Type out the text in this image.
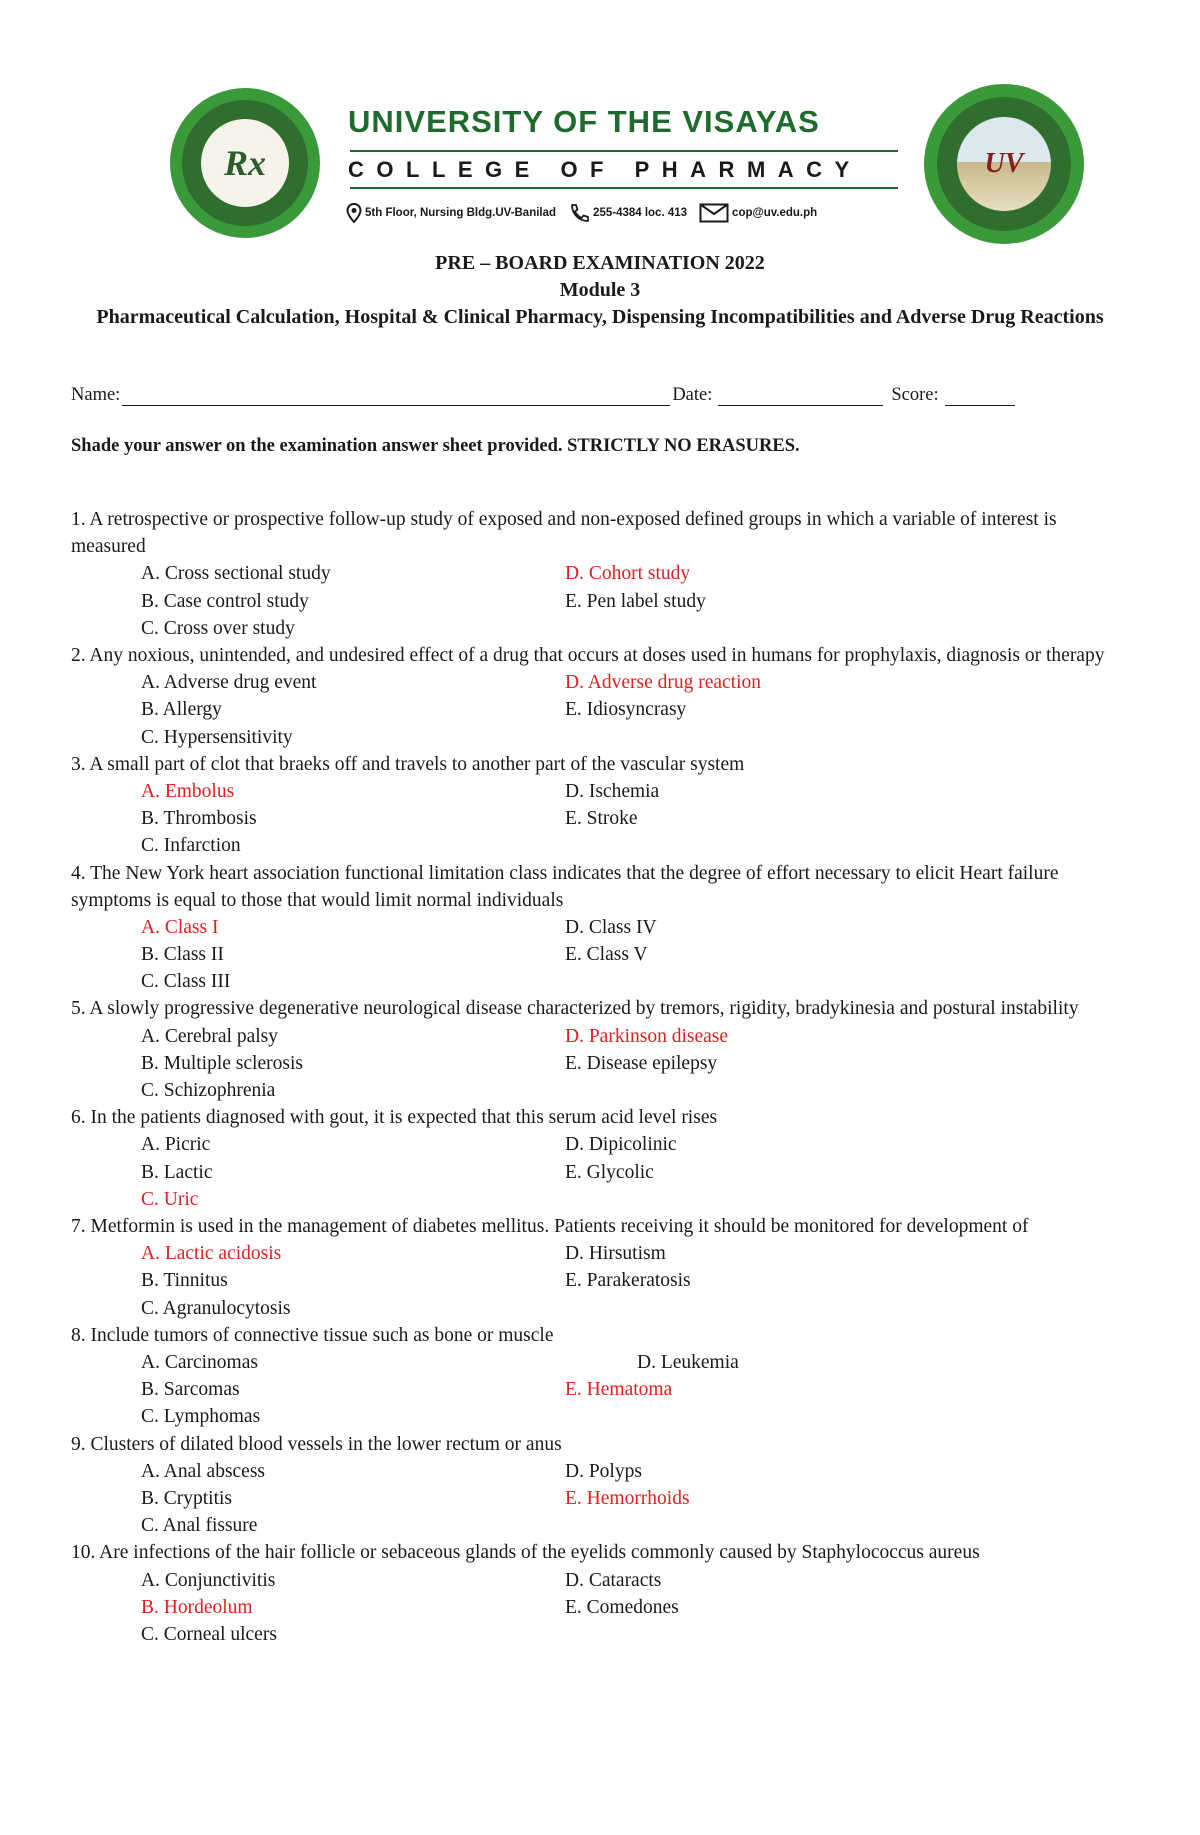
Rx
UNIVERSITY OF THE VISAYAS
COLLEGE OF PHARMACY
5th Floor, Nursing Bldg.UV-Banilad	255-4384 loc. 413	cop@uv.edu.ph
UV
PRE – BOARD EXAMINATION 2022
Module 3
Pharmaceutical Calculation, Hospital & Clinical Pharmacy, Dispensing Incompatibilities and Adverse Drug Reactions
Name:	Date:	Score:
Shade your answer on the examination answer sheet provided. STRICTLY NO ERASURES.
1. A retrospective or prospective follow-up study of exposed and non-exposed defined groups in which a variable of interest is measured
A. Cross sectional study	D. Cohort study
B. Case control study	E. Pen label study
C. Cross over study
2. Any noxious, unintended, and undesired effect of a drug that occurs at doses used in humans for prophylaxis, diagnosis or therapy
A. Adverse drug event	D. Adverse drug reaction
B. Allergy	E. Idiosyncrasy
C. Hypersensitivity
3. A small part of clot that braeks off and travels to another part of the vascular system
A. Embolus	D. Ischemia
B. Thrombosis	E. Stroke
C. Infarction
4. The New York heart association functional limitation class indicates that the degree of effort necessary to elicit Heart failure symptoms is equal to those that would limit normal individuals
A. Class I	D. Class IV
B. Class II	E. Class V
C. Class III
5. A slowly progressive degenerative neurological disease characterized by tremors, rigidity, bradykinesia and postural instability
A. Cerebral palsy	D. Parkinson disease
B. Multiple sclerosis	E. Disease epilepsy
C. Schizophrenia
6. In the patients diagnosed with gout, it is expected that this serum acid level rises
A. Picric	D. Dipicolinic
B. Lactic	E. Glycolic
C. Uric
7. Metformin is used in the management of diabetes mellitus. Patients receiving it should be monitored for development of
A. Lactic acidosis	D. Hirsutism
B. Tinnitus	E. Parakeratosis
C. Agranulocytosis
8. Include tumors of connective tissue such as bone or muscle
A. Carcinomas	D. Leukemia
B. Sarcomas	E. Hematoma
C. Lymphomas
9. Clusters of dilated blood vessels in the lower rectum or anus
A. Anal abscess	D. Polyps
B. Cryptitis	E. Hemorrhoids
C. Anal fissure
10. Are infections of the hair follicle or sebaceous glands of the eyelids commonly caused by Staphylococcus aureus
A. Conjunctivitis	D. Cataracts
B. Hordeolum	E. Comedones
C. Corneal ulcers
